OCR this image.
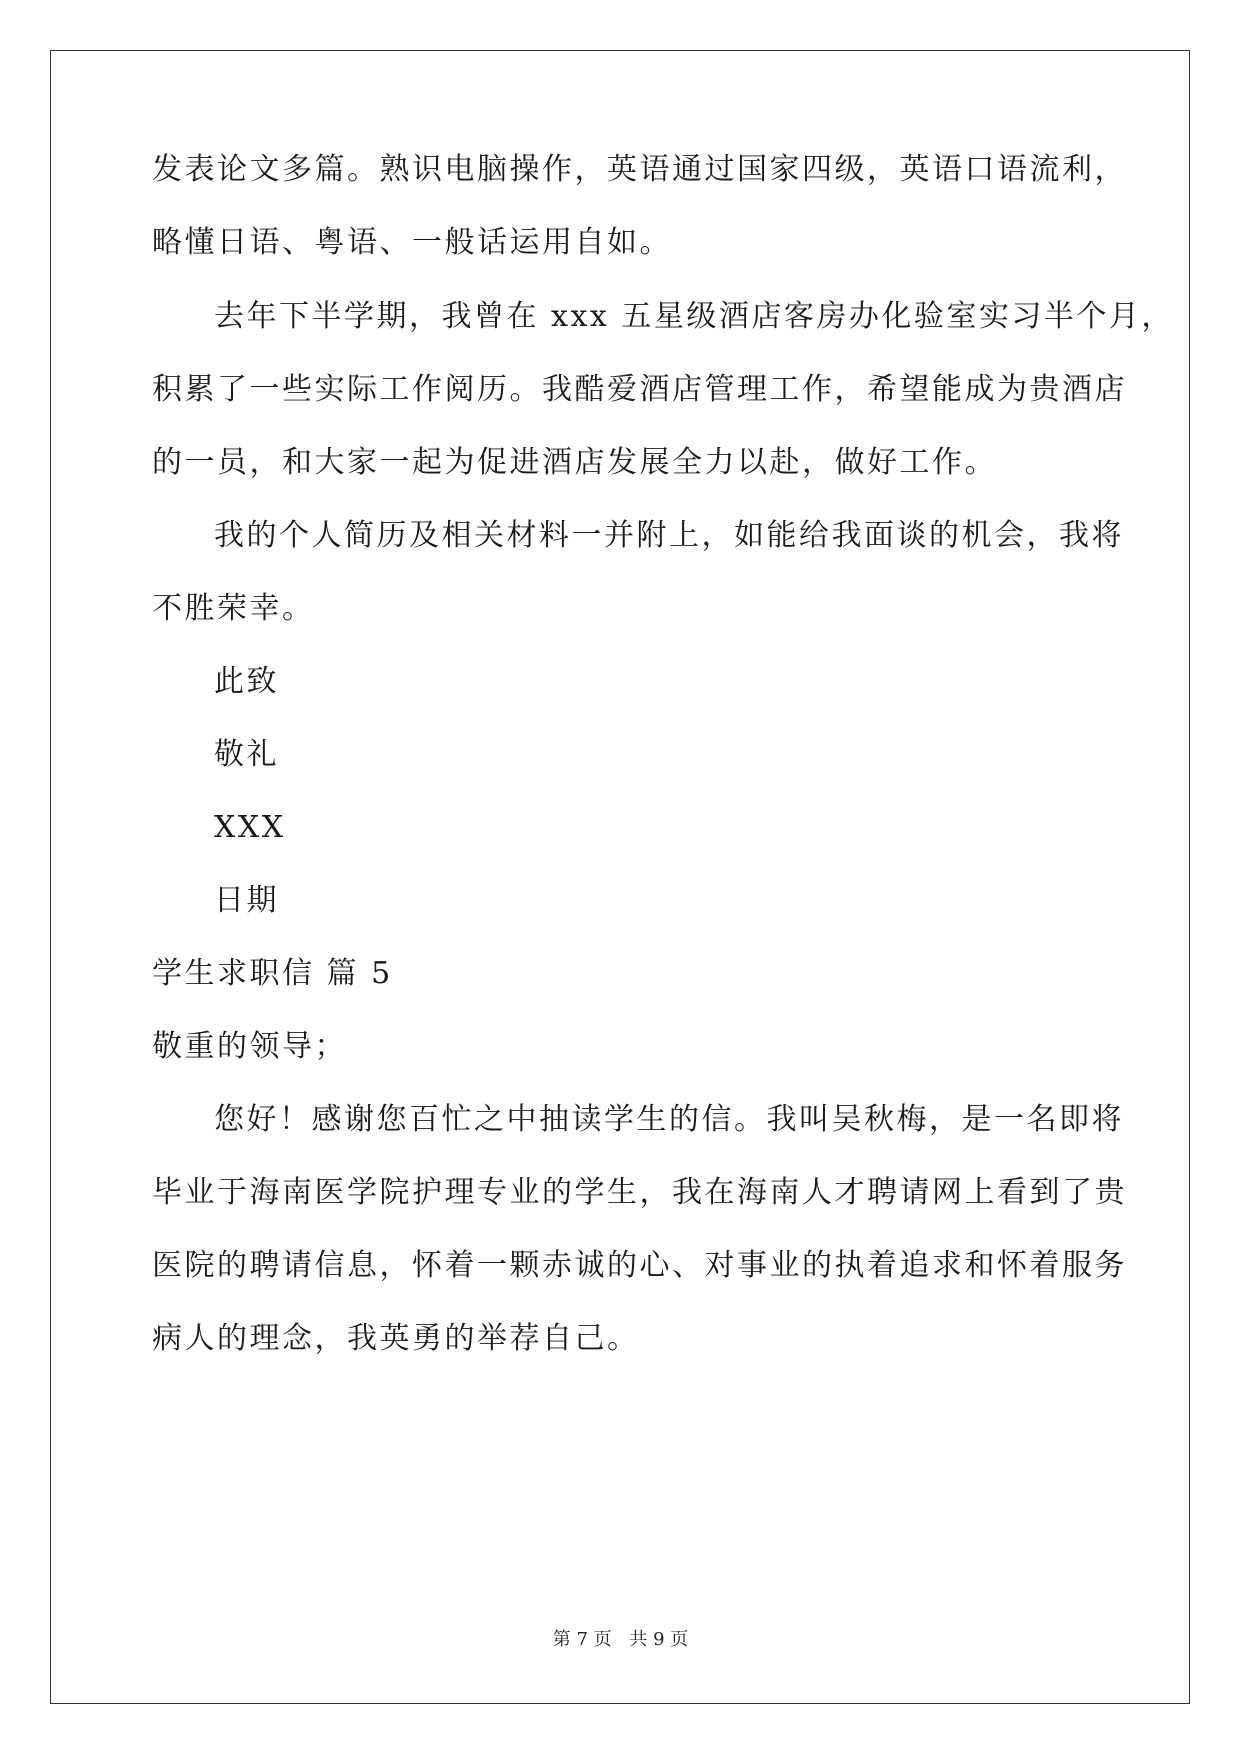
发表论文多篇。熟识电脑操作，英语通过国家四级，英语口语流利，
略懂日语、粤语、一般话运用自如。
去年下半学期，我曾在 xxx 五星级酒店客房办化验室实习半个月，
积累了一些实际工作阅历。我酷爱酒店管理工作，希望能成为贵酒店
的一员，和大家一起为促进酒店发展全力以赴，做好工作。
我的个人简历及相关材料一并附上，如能给我面谈的机会，我将
不胜荣幸。
此致
敬礼
XXX
日期
学生求职信 篇 5
敬重的领导；
您好！感谢您百忙之中抽读学生的信。我叫吴秋梅，是一名即将
毕业于海南医学院护理专业的学生，我在海南人才聘请网上看到了贵
医院的聘请信息，怀着一颗赤诚的心、对事业的执着追求和怀着服务
病人的理念，我英勇的举荐自己。
第 7 页 共 9 页
